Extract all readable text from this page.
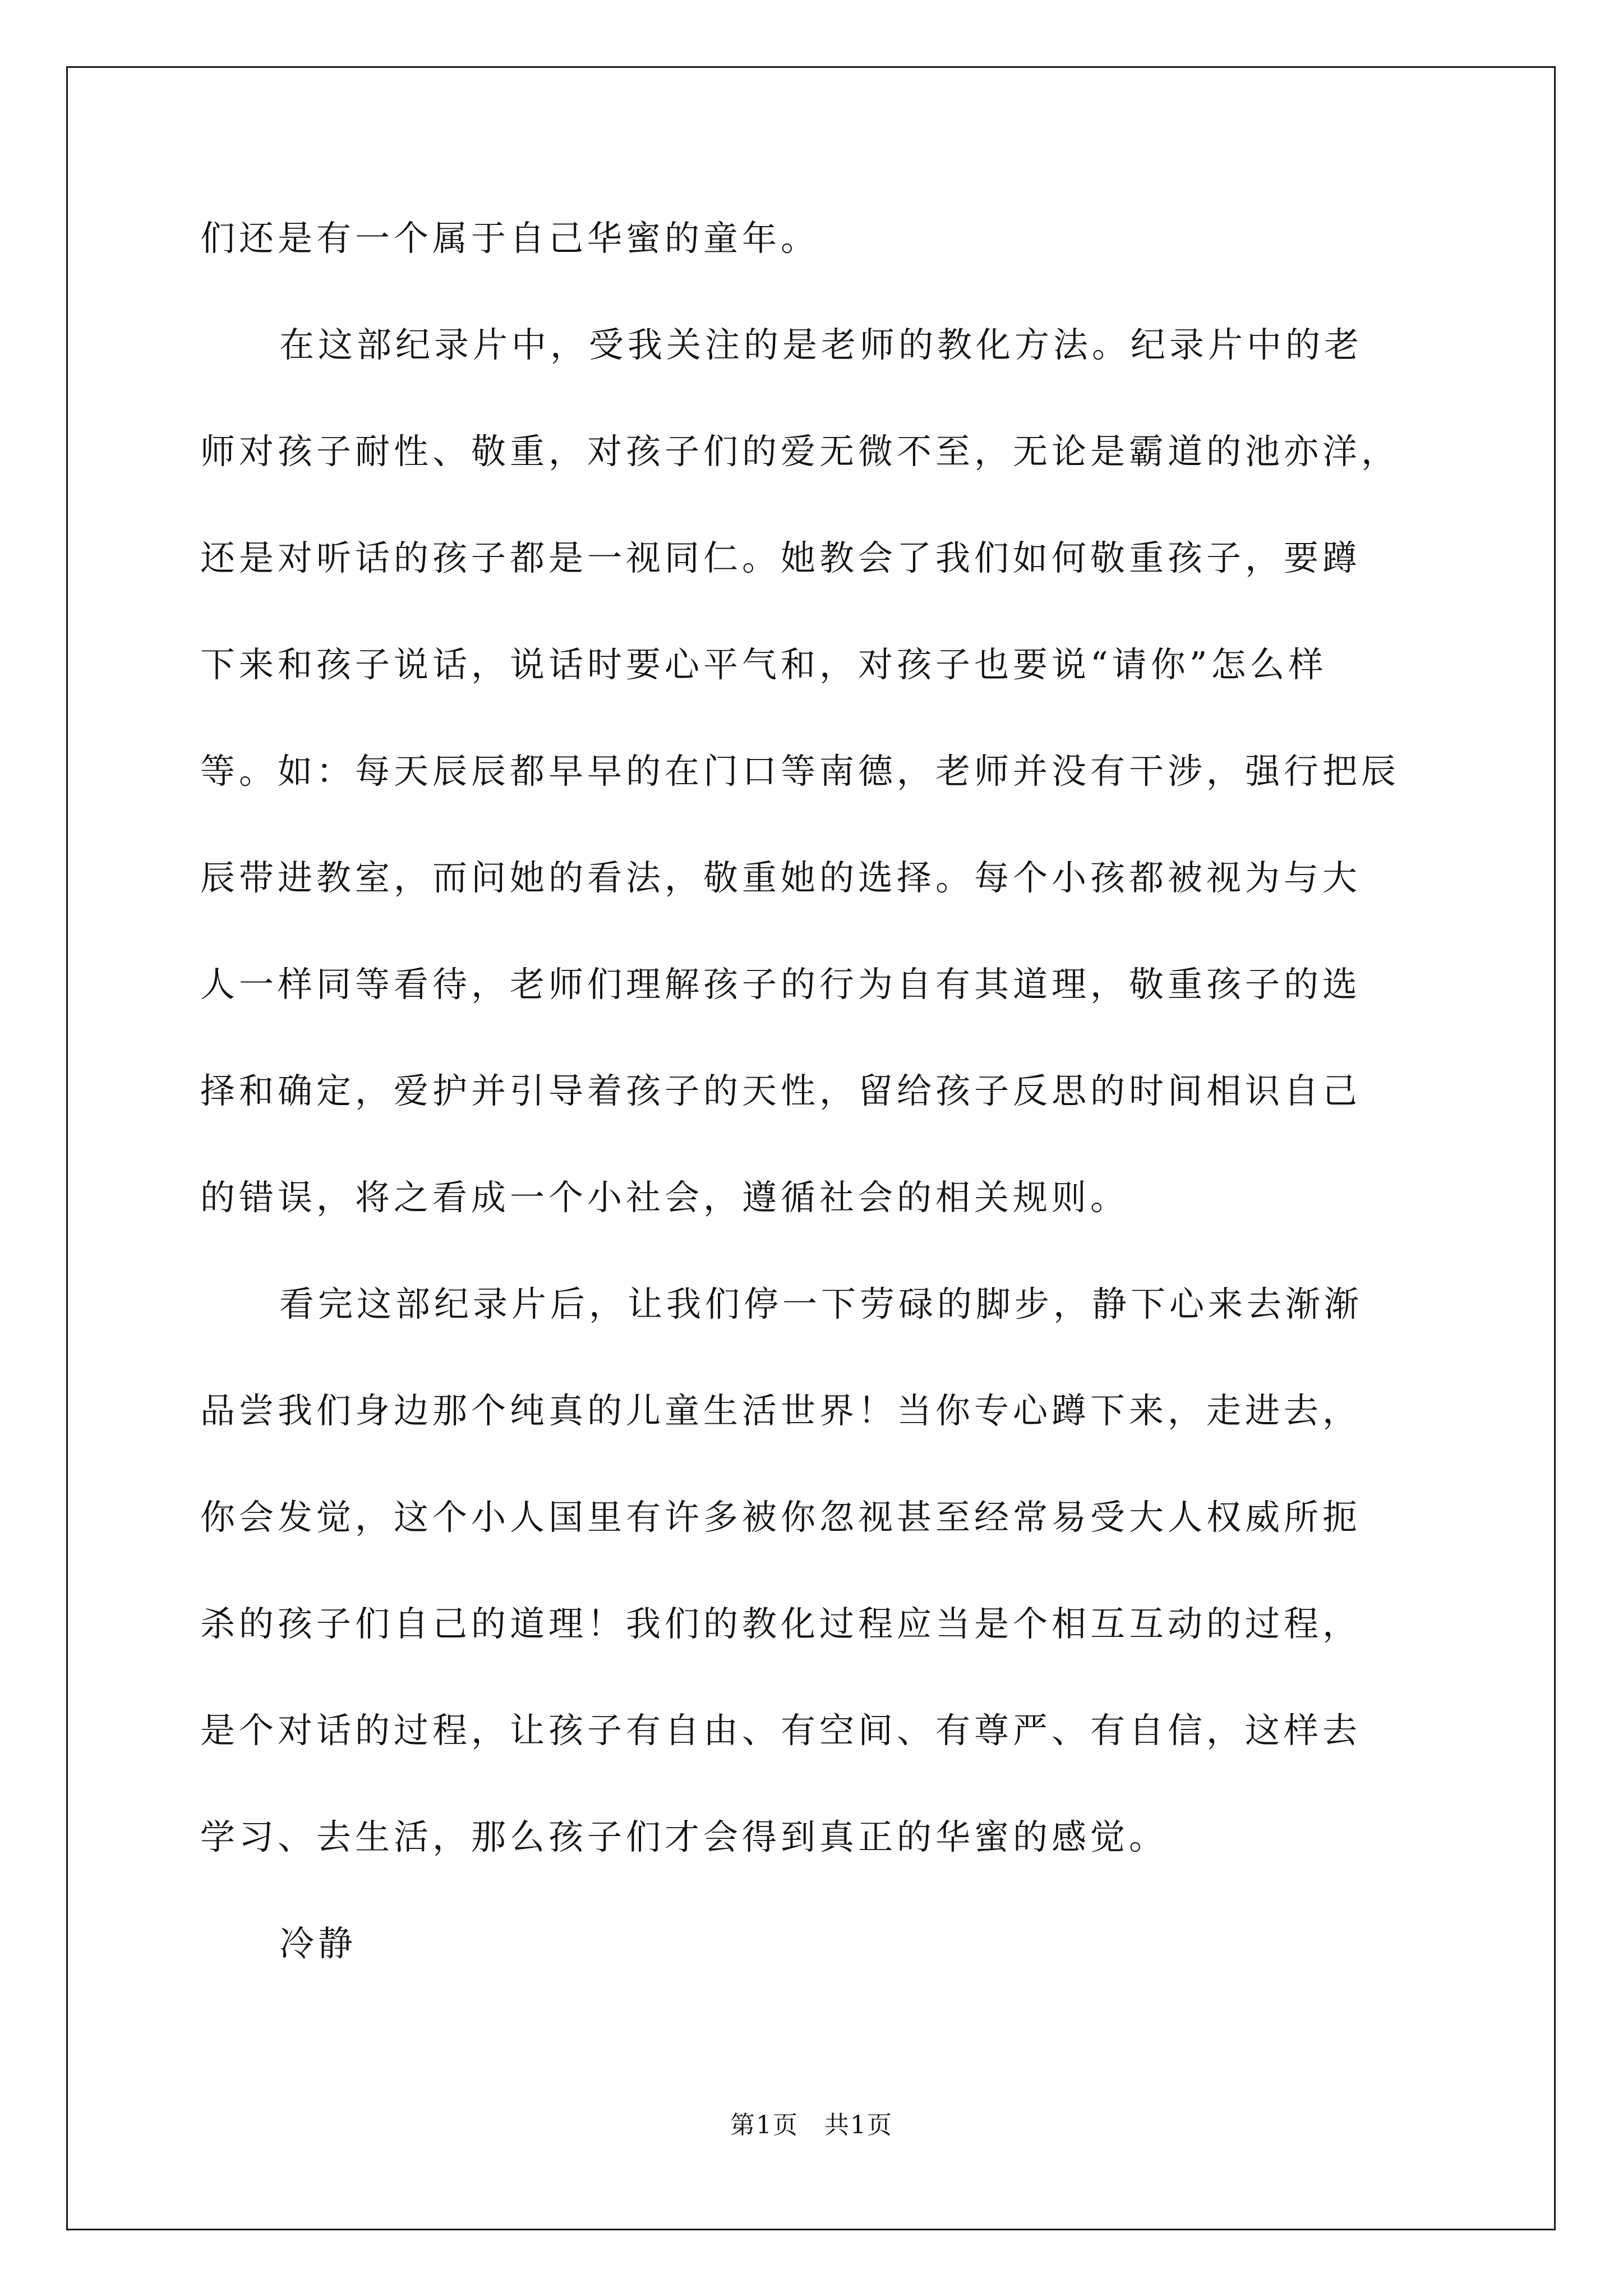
们还是有一个属于自己华蜜的童年。
在这部纪录片中，受我关注的是老师的教化方法。纪录片中的老
师对孩子耐性、敬重，对孩子们的爱无微不至，无论是霸道的池亦洋，
还是对听话的孩子都是一视同仁。她教会了我们如何敬重孩子，要蹲
下来和孩子说话，说话时要心平气和，对孩子也要说“请你”怎么样
等。如：每天辰辰都早早的在门口等南德，老师并没有干涉，强行把辰
辰带进教室，而问她的看法，敬重她的选择。每个小孩都被视为与大
人一样同等看待，老师们理解孩子的行为自有其道理，敬重孩子的选
择和确定，爱护并引导着孩子的天性，留给孩子反思的时间相识自己
的错误，将之看成一个小社会，遵循社会的相关规则。
看完这部纪录片后，让我们停一下劳碌的脚步，静下心来去渐渐
品尝我们身边那个纯真的儿童生活世界！当你专心蹲下来，走进去，
你会发觉，这个小人国里有许多被你忽视甚至经常易受大人权威所扼
杀的孩子们自己的道理！我们的教化过程应当是个相互互动的过程，
是个对话的过程，让孩子有自由、有空间、有尊严、有自信，这样去
学习、去生活，那么孩子们才会得到真正的华蜜的感觉。
冷静
第1页　共1页
